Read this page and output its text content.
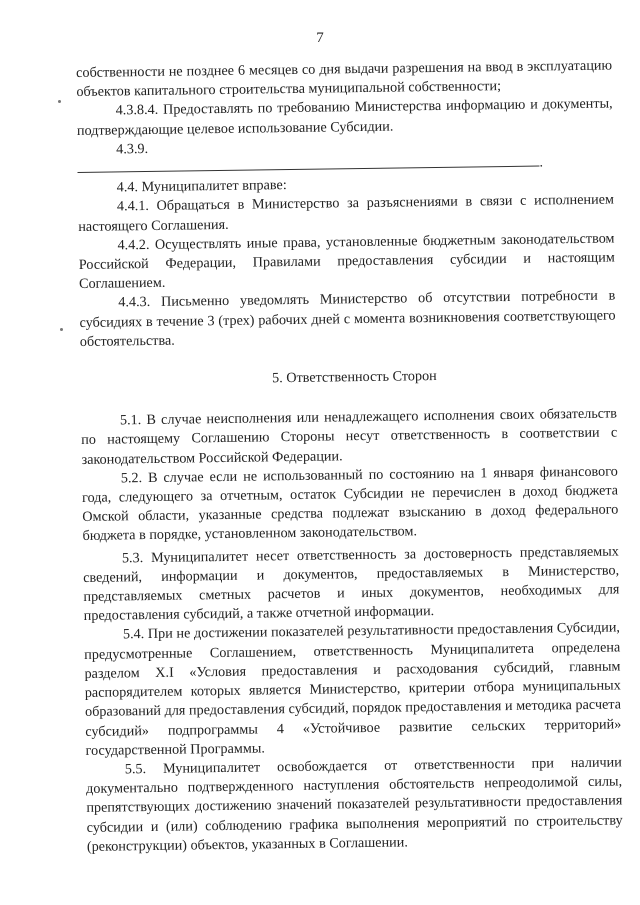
7

собственности не позднее 6 месяцев со дня выдачи разрешения на ввод в эксплуатацию объектов капитального строительства муниципальной собственности;

4.3.8.4. Предоставлять по требованию Министерства информацию и документы, подтверждающие целевое использование Субсидии.

4.3.9. .

4.4. Муниципалитет вправе:

4.4.1. Обращаться в Министерство за разъяснениями в связи с исполнением настоящего Соглашения.

4.4.2. Осуществлять иные права, установленные бюджетным законодательством Российской Федерации, Правилами предоставления субсидии и настоящим Соглашением.

4.4.3. Письменно уведомлять Министерство об отсутствии потребности в субсидиях в течение 3 (трех) рабочих дней с момента возникновения соответствующего обстоятельства.

5. Ответственность Сторон

5.1. В случае неисполнения или ненадлежащего исполнения своих обязательств по настоящему Соглашению Стороны несут ответственность в соответствии с законодательством Российской Федерации.

5.2. В случае если не использованный по состоянию на 1 января финансового года, следующего за отчетным, остаток Субсидии не перечислен в доход бюджета Омской области, указанные средства подлежат взысканию в доход федерального бюджета в порядке, установленном законодательством.

5.3. Муниципалитет несет ответственность за достоверность представляемых сведений, информации и документов, предоставляемых в Министерство, представляемых сметных расчетов и иных документов, необходимых для предоставления субсидий, а также отчетной информации.

5.4. При не достижении показателей результативности предоставления Субсидии, предусмотренные Соглашением, ответственность Муниципалитета определена разделом X.I «Условия предоставления и расходования субсидий, главным распорядителем которых является Министерство, критерии отбора муниципальных образований для предоставления субсидий, порядок предоставления и методика расчета субсидий» подпрограммы 4 «Устойчивое развитие сельских территорий» государственной Программы.

5.5. Муниципалитет освобождается от ответственности при наличии документально подтвержденного наступления обстоятельств непреодолимой силы, препятствующих достижению значений показателей результативности предоставления субсидии и (или) соблюдению графика выполнения мероприятий по строительству (реконструкции) объектов, указанных в Соглашении.
